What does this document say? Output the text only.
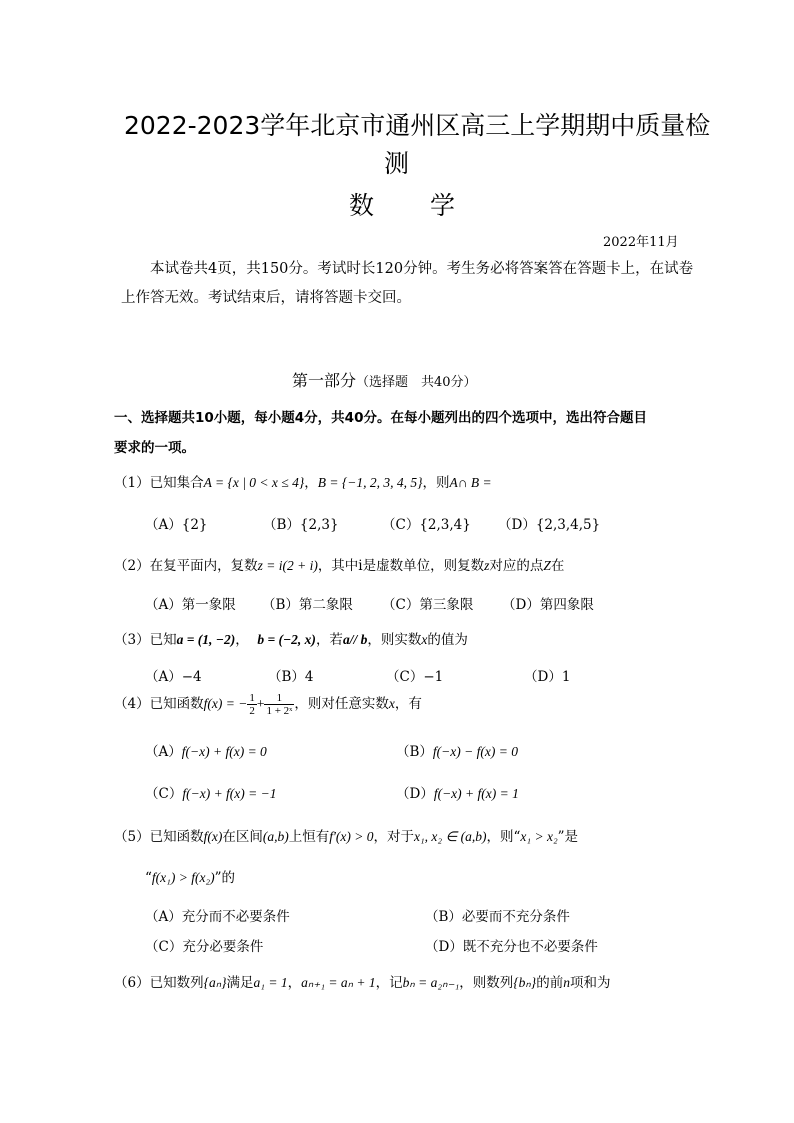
2022-2023学年北京市通州区高三上学期期中质量检
测
数　　学
2022年11月
本试卷共4页，共150分。考试时长120分钟。考生务必将答案答在答题卡上，在试卷
上作答无效。考试结束后，请将答题卡交回。
第一部分（选择题　共40分）
一、选择题共10小题，每小题4分，共40分。在每小题列出的四个选项中，选出符合题目
要求的一项。
（1）已知集合A = {x | 0 < x ≤ 4}，B = {−1, 2, 3, 4, 5}，则A∩ B =
（A）{2}	（B）{2,3}	（C）{2,3,4} （D）{2,3,4,5}
（2）在复平面内，复数z = i(2 + i)，其中i是虚数单位，则复数z对应的点Z在
（A）第一象限 （B）第二象限 （C）第三象限 （D）第四象限
（3）已知a = (1, −2)， b = (−2, x)，若a// b，则实数x的值为
（A）−4	（B）4	（C）−1	（D）1
（4）已知函数f(x) = − $\frac{1}{2} + \frac{1}{\text{1 + 2ˣ}}$ ，则对任意实数x，有
（A）f(−x) + f(x) = 0	（B）f(−x) − f(x) = 0
（C）f(−x) + f(x) = −1	（D）f(−x) + f(x) = 1
（5）已知函数f(x)在区间(a,b)上恒有f′(x) > 0，对于x₁, x₂ ∈ (a,b)，则“x₁ > x₂”是
“f(x₁) > f(x₂)”的
（A）充分而不必要条件	（B）必要而不充分条件
（C）充分必要条件	（D）既不充分也不必要条件
（6）已知数列{aₙ}满足a₁ = 1，aₙ₊₁ = aₙ + 1，记bₙ = a₂ₙ₋₁，则数列{bₙ}的前n项和为
